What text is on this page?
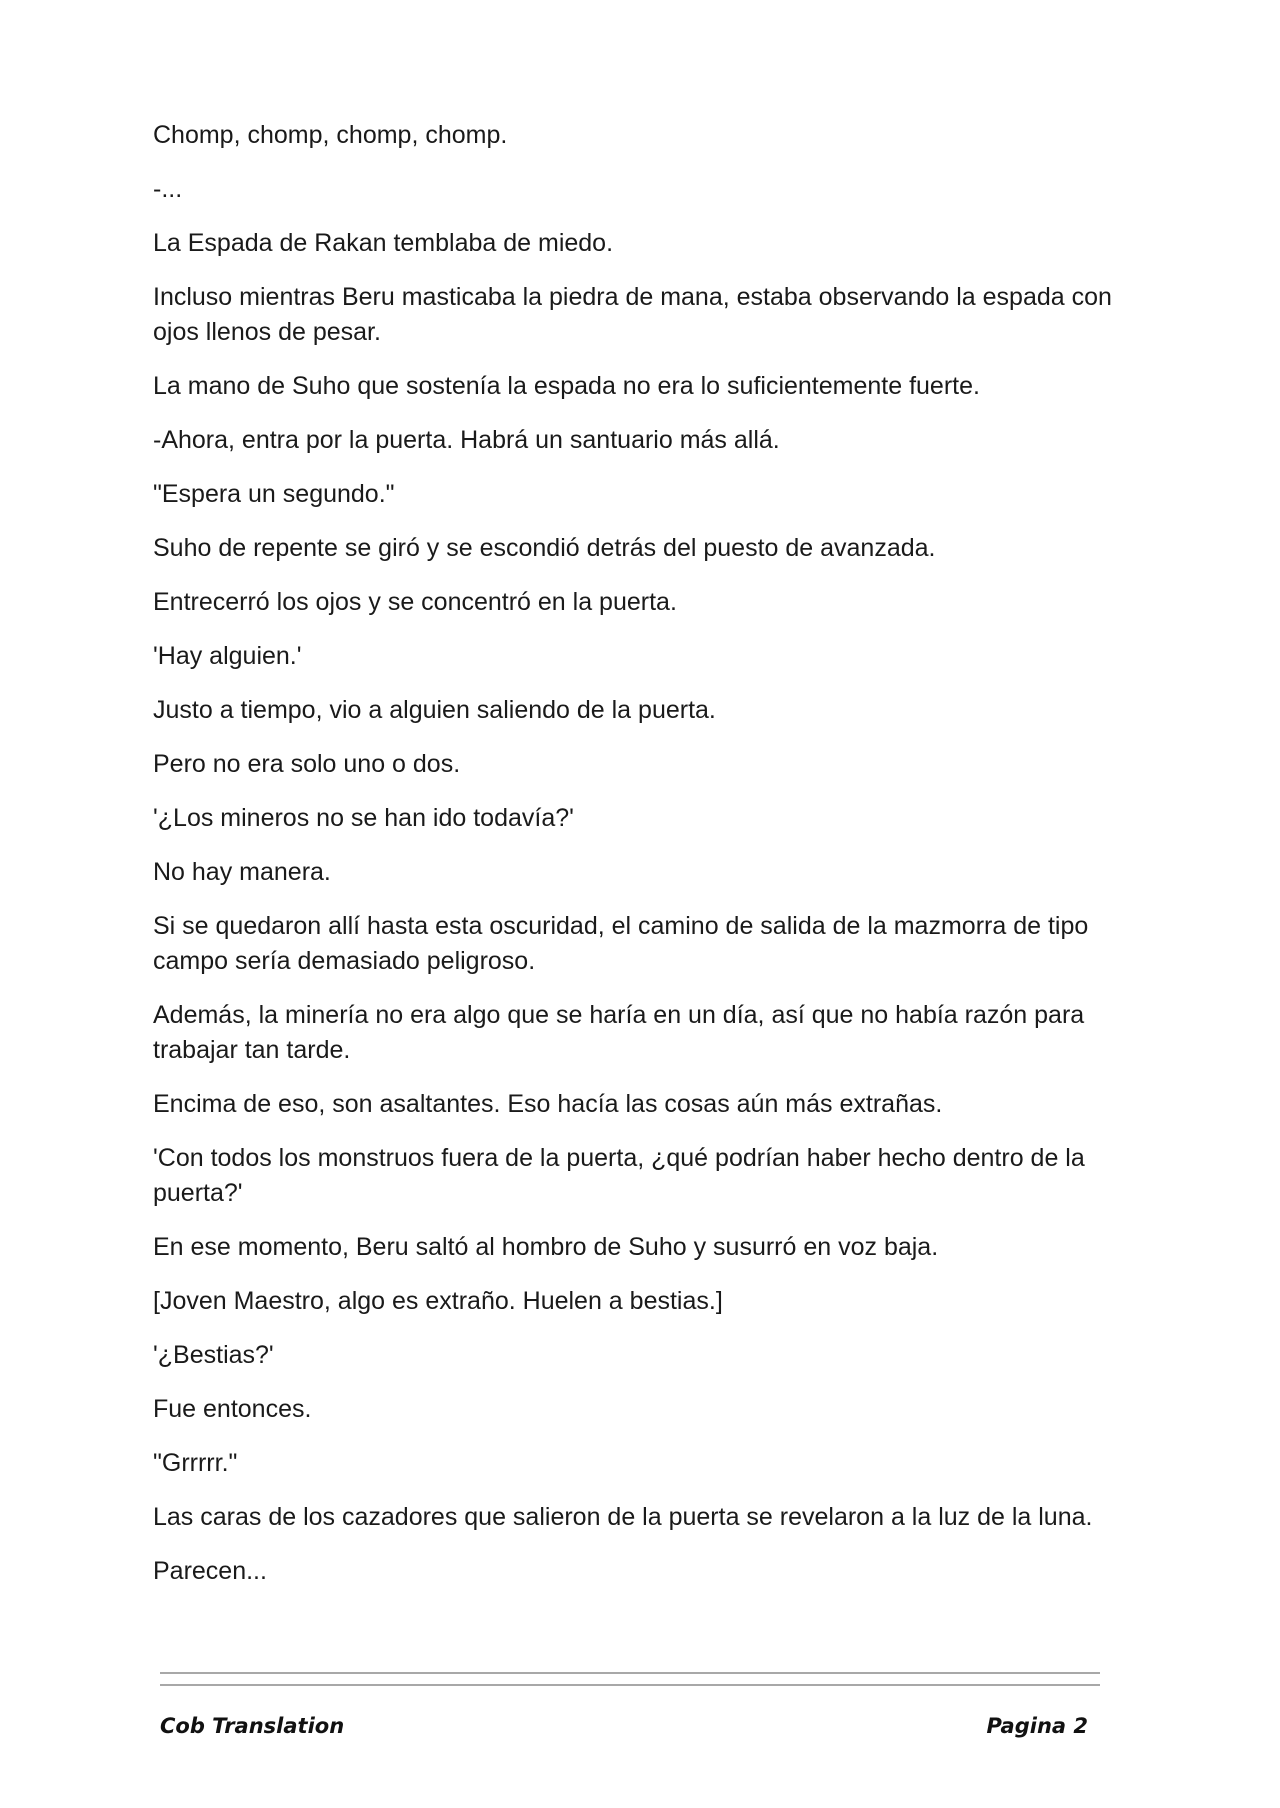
Chomp, chomp, chomp, chomp.

-...

La Espada de Rakan temblaba de miedo.

Incluso mientras Beru masticaba la piedra de mana, estaba observando la espada con ojos llenos de pesar.

La mano de Suho que sostenía la espada no era lo suficientemente fuerte.

-Ahora, entra por la puerta. Habrá un santuario más allá.

"Espera un segundo."

Suho de repente se giró y se escondió detrás del puesto de avanzada.

Entrecerró los ojos y se concentró en la puerta.

'Hay alguien.'

Justo a tiempo, vio a alguien saliendo de la puerta.

Pero no era solo uno o dos.

'¿Los mineros no se han ido todavía?'

No hay manera.

Si se quedaron allí hasta esta oscuridad, el camino de salida de la mazmorra de tipo campo sería demasiado peligroso.

Además, la minería no era algo que se haría en un día, así que no había razón para trabajar tan tarde.

Encima de eso, son asaltantes. Eso hacía las cosas aún más extrañas.

'Con todos los monstruos fuera de la puerta, ¿qué podrían haber hecho dentro de la puerta?'

En ese momento, Beru saltó al hombro de Suho y susurró en voz baja.

[Joven Maestro, algo es extraño. Huelen a bestias.]

'¿Bestias?'

Fue entonces.

"Grrrrr."

Las caras de los cazadores que salieron de la puerta se revelaron a la luz de la luna.

Parecen...

Cob Translation	Pagina 2
